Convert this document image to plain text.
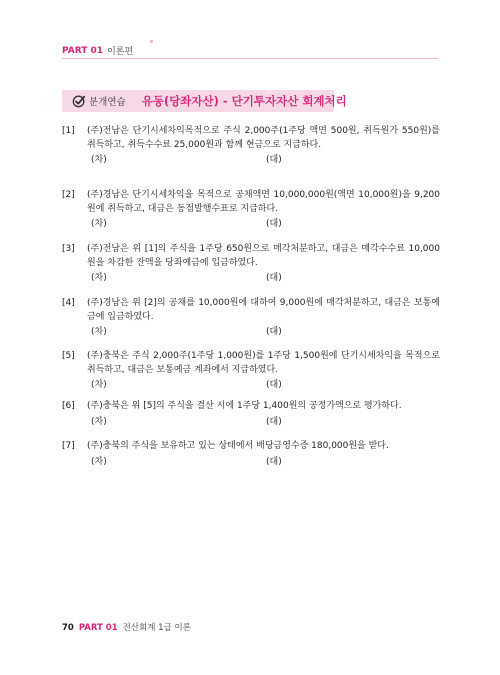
PART 01 이론편
분개연습 유동(당좌자산) - 단기투자자산 회계처리
[1] (주)전남은 단기시세차익목적으로 주식 2,000주(1주당 액면 500원, 취득원가 550원)를 취득하고, 취득수수료 25,000원과 함께 현금으로 지급하다.
(차)	(대)
[2] (주)경남은 단기시세차익을 목적으로 공채액면 10,000,000원(액면 10,000원)을 9,200원에 취득하고, 대금은 동점발행수표로 지급하다.
(차)	(대)
[3] (주)전남은 위 [1]의 주식을 1주당 650원으로 매각처분하고, 대금은 매각수수료 10,000원을 차감한 잔액을 당좌예금에 입금하였다.
(차)	(대)
[4] (주)경남은 위 [2]의 공채를 10,000원에 대하여 9,000원에 매각처분하고, 대금은 보통예금에 입금하였다.
(차)	(대)
[5] (주)충북은 주식 2,000주(1주당 1,000원)를 1주당 1,500원에 단기시세차익을 목적으로 취득하고, 대금은 보통예금 계좌에서 지급하였다.
(차)	(대)
[6] (주)충북은 위 [5]의 주식을 결산 시에 1주당 1,400원의 공정가액으로 평가하다.
(차)	(대)
[7] (주)충북의 주식을 보유하고 있는 상태에서 배당금영수증 180,000원을 받다.
(차)	(대)
70 PART 01 전산회계 1급 이론
